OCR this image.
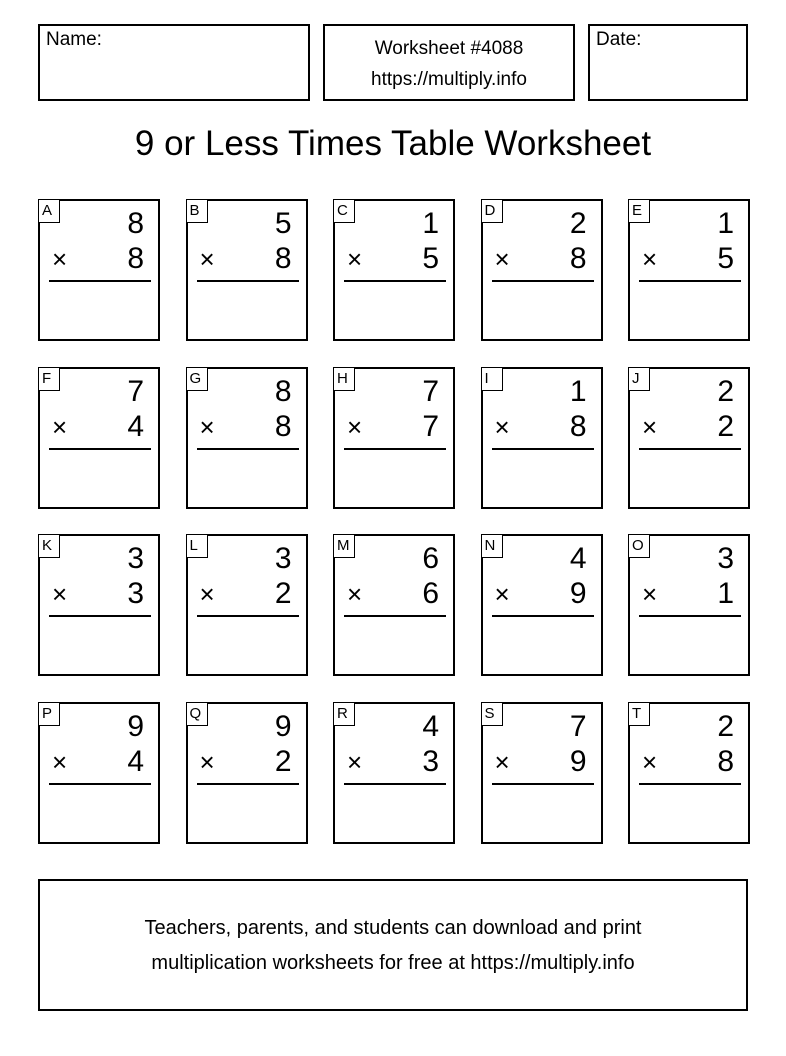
Name:	Worksheet #4088
https://multiply.info
Date:
9 or Less Times Table Worksheet
A	8
× 8
B	5
× 8
C 1
× 5
D 2
× 8
E	1
× 5
F	7
× 4
G 8
× 8
H 7
× 7
I	1
× 8
J	2
× 2
K	3
× 3
L	3
× 2
M 6
× 6
N 4
× 9
O 3
× 1
P	9
× 4
Q 9
× 2
R 4
× 3
S	7
× 9
T	2
× 8
Teachers, parents, and students can download and print
multiplication worksheets for free at https://multiply.info
